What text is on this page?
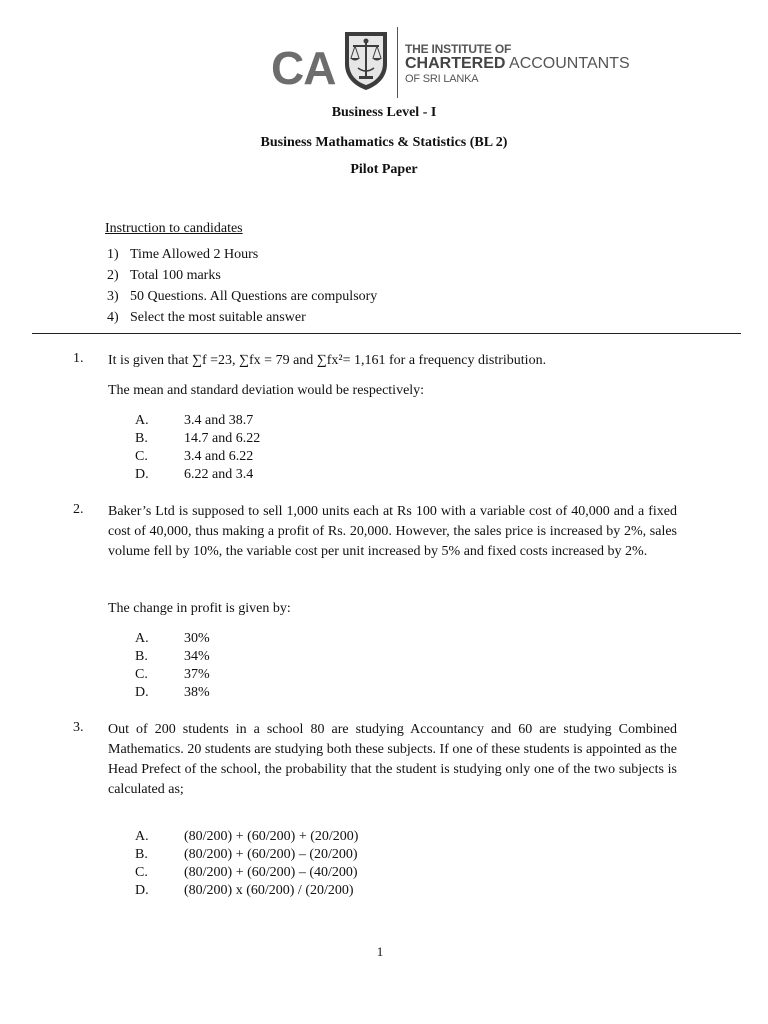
CA	THE INSTITUTE OF
CHARTERED ACCOUNTANTS
OF SRI LANKA
Business Level - I
Business Mathamatics & Statistics (BL 2)
Pilot Paper
Instruction to candidates
1) Time Allowed 2 Hours
2) Total 100 marks
3) 50 Questions. All Questions are compulsory
4) Select the most suitable answer
1. It is given that ∑f =23, ∑fx = 79 and ∑fx²= 1,161 for a frequency distribution.
The mean and standard deviation would be respectively:
A.	3.4 and 38.7
B.	14.7 and 6.22
C.	3.4 and 6.22
D.	6.22 and 3.4
2. Baker’s Ltd is supposed to sell 1,000 units each at Rs 100 with a variable cost of 40,000 and a fixed cost of 40,000, thus making a profit of Rs. 20,000. However, the sales price is increased by 2%, sales volume fell by 10%, the variable cost per unit increased by 5% and fixed costs increased by 2%.
The change in profit is given by:
A.	30%
B.	34%
C.	37%
D.	38%
3. Out of 200 students in a school 80 are studying Accountancy and 60 are studying Combined Mathematics. 20 students are studying both these subjects. If one of these students is appointed as the Head Prefect of the school, the probability that the student is studying only one of the two subjects is calculated as;
A.	(80/200) + (60/200) + (20/200)
B.	(80/200) + (60/200) – (20/200)
C.	(80/200) + (60/200) – (40/200)
D.	(80/200) x (60/200) / (20/200)
1
